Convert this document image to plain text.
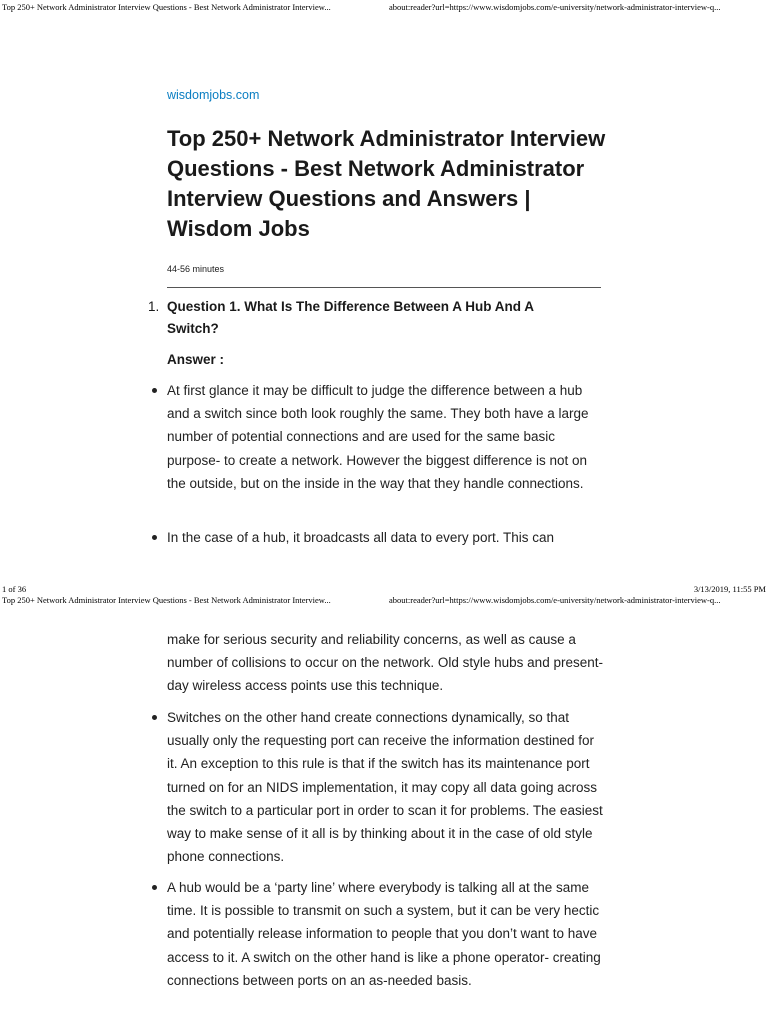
Top 250+ Network Administrator Interview Questions - Best Network Administrator Interview...	about:reader?url=https://www.wisdomjobs.com/e-university/network-administrator-interview-q...
wisdomjobs.com
Top 250+ Network Administrator Interview Questions - Best Network Administrator Interview Questions and Answers | Wisdom Jobs
44-56 minutes
1. Question 1. What Is The Difference Between A Hub And A Switch?
Answer :
At first glance it may be difficult to judge the difference between a hub and a switch since both look roughly the same. They both have a large number of potential connections and are used for the same basic purpose- to create a network. However the biggest difference is not on the outside, but on the inside in the way that they handle connections.
In the case of a hub, it broadcasts all data to every port. This can
1 of 36	3/13/2019, 11:55 PM
Top 250+ Network Administrator Interview Questions - Best Network Administrator Interview...	about:reader?url=https://www.wisdomjobs.com/e-university/network-administrator-interview-q...
make for serious security and reliability concerns, as well as cause a number of collisions to occur on the network. Old style hubs and present-day wireless access points use this technique.
Switches on the other hand create connections dynamically, so that usually only the requesting port can receive the information destined for it. An exception to this rule is that if the switch has its maintenance port turned on for an NIDS implementation, it may copy all data going across the switch to a particular port in order to scan it for problems. The easiest way to make sense of it all is by thinking about it in the case of old style phone connections.
A hub would be a ‘party line’ where everybody is talking all at the same time. It is possible to transmit on such a system, but it can be very hectic and potentially release information to people that you don’t want to have access to it. A switch on the other hand is like a phone operator- creating connections between ports on an as-needed basis.
